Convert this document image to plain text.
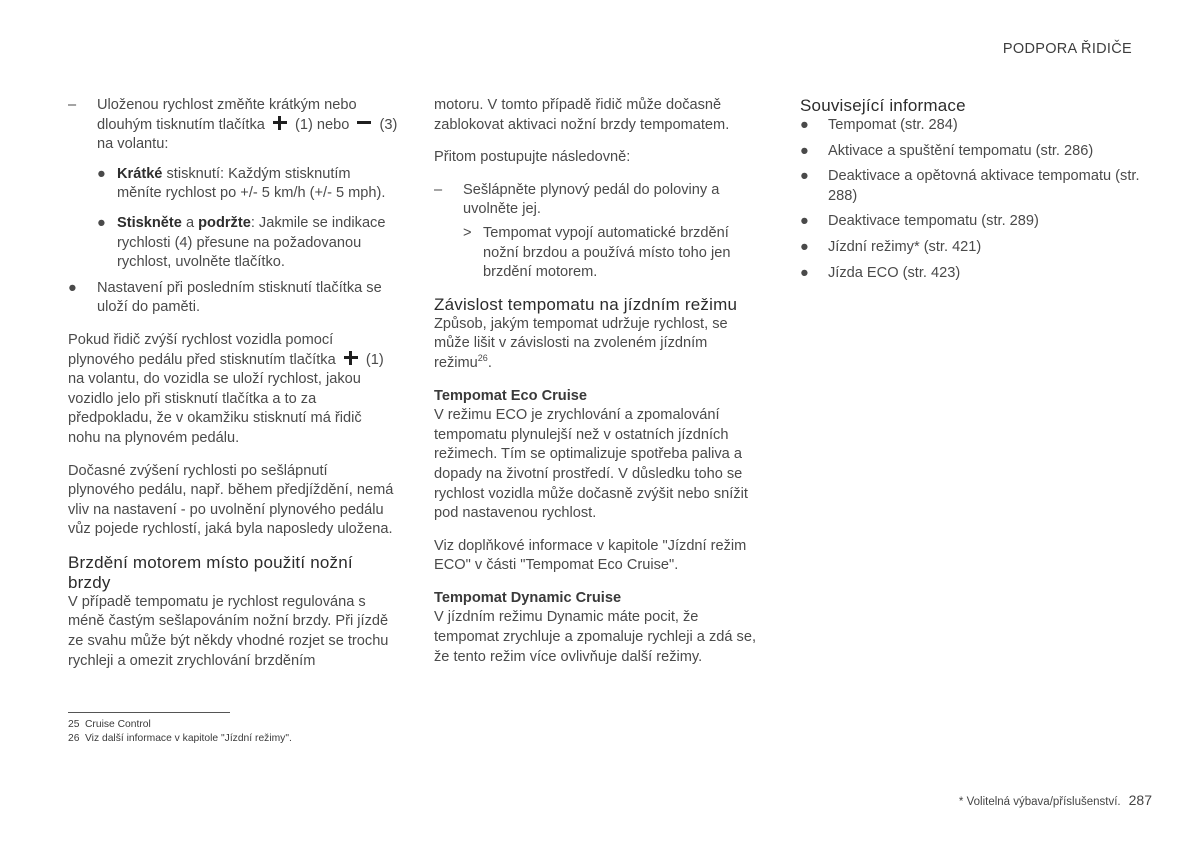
PODPORA ŘIDIČE
– Uloženou rychlost změňte krátkým nebo dlouhým tisknutím tlačítka (1) nebo (3) na volantu:
● Krátké stisknutí: Každým stisknutím měníte rychlost po +/- 5 km/h (+/- 5 mph).
● Stiskněte a podržte: Jakmile se indikace rychlosti (4) přesune na požadovanou rychlost, uvolněte tlačítko.
● Nastavení při posledním stisknutí tlačítka se uloží do paměti.

Pokud řidič zvýší rychlost vozidla pomocí plynového pedálu před stisknutím tlačítka (1) na volantu, do vozidla se uloží rychlost, jakou vozidlo jelo při stisknutí tlačítka a to za předpokladu, že v okamžiku stisknutí má řidič nohu na plynovém pedálu.

Dočasné zvýšení rychlosti po sešlápnutí plynového pedálu, např. během předjíždění, nemá vliv na nastavení - po uvolnění plynového pedálu vůz pojede rychlostí, jaká byla naposledy uložena.

Brzdění motorem místo použití nožní brzdy

V případě tempomatu je rychlost regulována s méně častým sešlapováním nožní brzdy. Při jízdě ze svahu může být někdy vhodné rozjet se trochu rychleji a omezit zrychlování brzděním

motoru. V tomto případě řidič může dočasně zablokovat aktivaci nožní brzdy tempomatem.

Přitom postupujte následovně:

– Sešlápněte plynový pedál do poloviny a uvolněte jej.
> Tempomat vypojí automatické brzdění nožní brzdou a používá místo toho jen brzdění motorem.
Závislost tempomatu na jízdním režimu

Způsob, jakým tempomat udržuje rychlost, se může lišit v závislosti na zvoleném jízdním režimu$^{26}$.

Tempomat Eco Cruise

V režimu ECO je zrychlování a zpomalování tempomatu plynulejší než v ostatních jízdních režimech. Tím se optimalizuje spotřeba paliva a dopady na životní prostředí. V důsledku toho se rychlost vozidla může dočasně zvýšit nebo snížit pod nastavenou rychlost.

Viz doplňkové informace v kapitole "Jízdní režim ECO" v části "Tempomat Eco Cruise".

Tempomat Dynamic Cruise

V jízdním režimu Dynamic máte pocit, že tempomat zrychluje a zpomaluje rychleji a zdá se, že tento režim více ovlivňuje další režimy.

Související informace
● Tempomat (str. 284)
● Aktivace a spuštění tempomatu (str. 286)
● Deaktivace a opětovná aktivace tempomatu (str. 288)
● Deaktivace tempomatu (str. 289)
● Jízdní režimy* (str. 421)
● Jízda ECO (str. 423)
25 Cruise Control
26 Viz další informace v kapitole "Jízdní režimy".
* Volitelná výbava/příslušenství. 287
